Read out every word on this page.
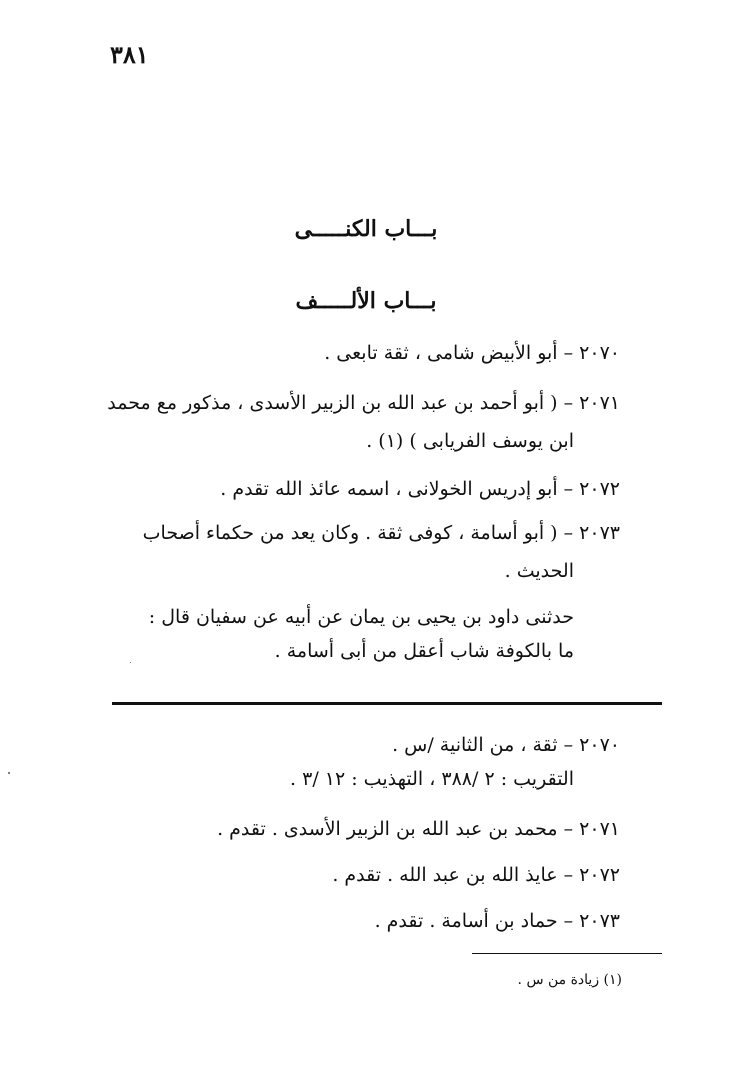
٣٨١
بـــاب الكنـــــى
بـــاب الألـــــف
٢٠٧٠ – أبو الأبيض شامى ، ثقة تابعى .
٢٠٧١ – ( أبو أحمد بن عبد الله بن الزبير الأسدى ، مذكور مع محمد
ابن يوسف الفريابى ) (١) .
٢٠٧٢ – أبو إدريس الخولانى ، اسمه عائذ الله تقدم .
٢٠٧٣ – ( أبو أسامة ، كوفى ثقة . وكان يعد من حكماء أصحاب
الحديث .
حدثنى داود بن يحيى بن يمان عن أبيه عن سفيان قال :
ما بالكوفة شاب أعقل من أبى أسامة .
٢٠٧٠ – ثقة ، من الثانية /س .
التقريب : ٢ /٣٨٨ ، التهذيب : ١٢ /٣ .
٢٠٧١ – محمد بن عبد الله بن الزبير الأسدى . تقدم .
٢٠٧٢ – عايذ الله بن عبد الله . تقدم .
٢٠٧٣ – حماد بن أسامة . تقدم .
(١) زيادة من س .
